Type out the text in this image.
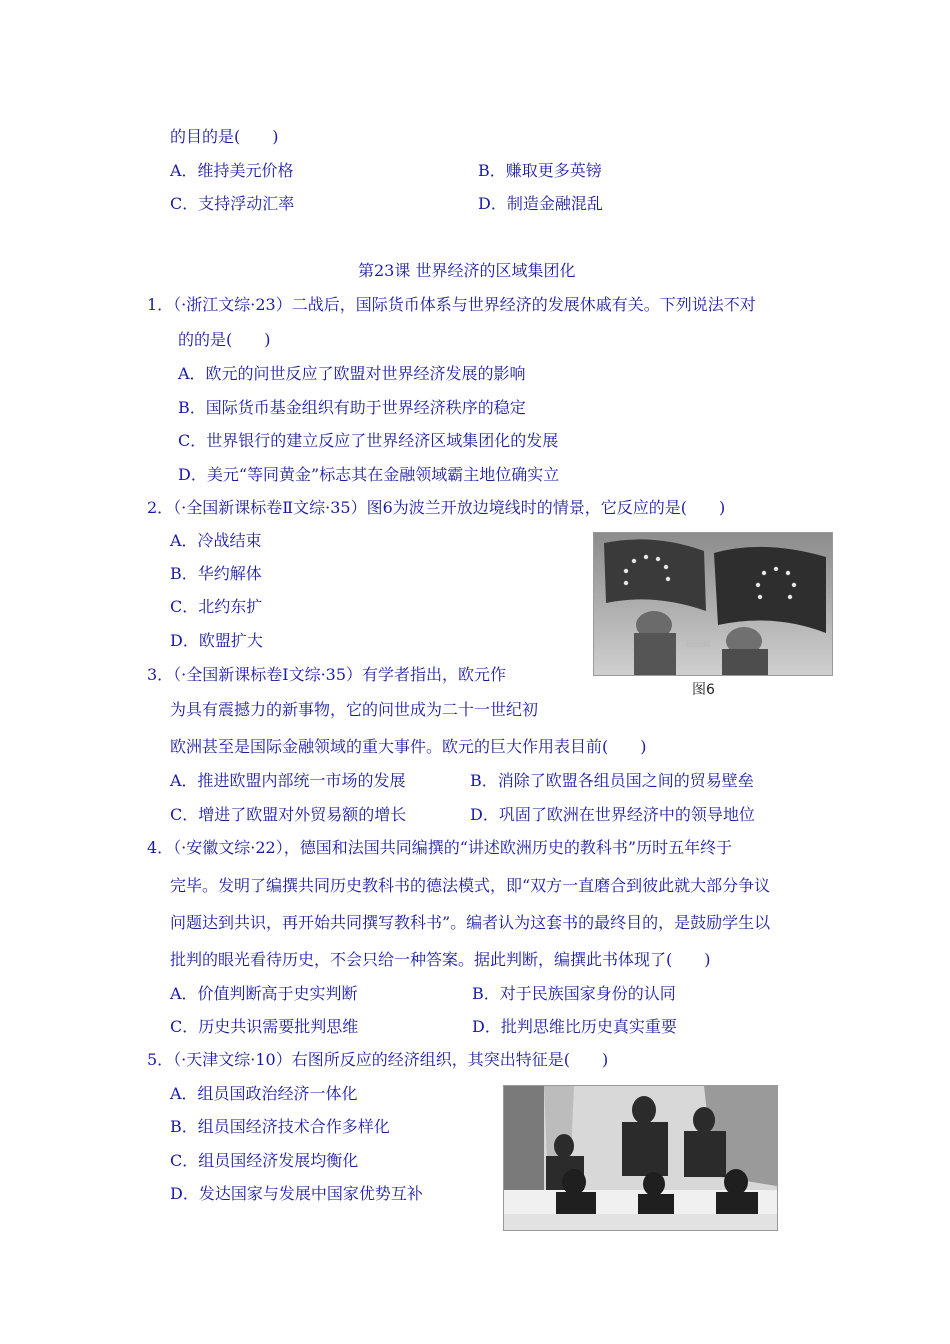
的目的是(　　)
A．维持美元价格	B．赚取更多英镑
C．支持浮动汇率	D．制造金融混乱
第23课 世界经济的区域集团化
1．（·浙江文综·23）二战后，国际货币体系与世界经济的发展休戚有关。下列说法不对
的的是(　　)
A．欧元的问世反应了欧盟对世界经济发展的影响
B．国际货币基金组织有助于世界经济秩序的稳定
C．世界银行的建立反应了世界经济区域集团化的发展
D．美元“等同黄金”标志其在金融领域霸主地位确实立
2．（·全国新课标卷Ⅱ文综·35）图6为波兰开放边境线时的情景，它反应的是(　　)
A．冷战结束
B．华约解体
C．北约东扩
D．欧盟扩大
图6
3．（·全国新课标卷Ⅰ文综·35）有学者指出，欧元作
为具有震撼力的新事物，它的问世成为二十一世纪初
欧洲甚至是国际金融领域的重大事件。欧元的巨大作用表目前(　　)
A．推进欧盟内部统一市场的发展	B．消除了欧盟各组员国之间的贸易壁垒
C．增进了欧盟对外贸易额的增长	D．巩固了欧洲在世界经济中的领导地位
4．（·安徽文综·22），德国和法国共同编撰的“讲述欧洲历史的教科书”历时五年终于
完毕。发明了编撰共同历史教科书的德法模式，即“双方一直磨合到彼此就大部分争议
问题达到共识，再开始共同撰写教科书”。编者认为这套书的最终目的，是鼓励学生以
批判的眼光看待历史，不会只给一种答案。据此判断，编撰此书体现了(　　)
A．价值判断高于史实判断	B．对于民族国家身份的认同
C．历史共识需要批判思维	D．批判思维比历史真实重要
5．（·天津文综·10）右图所反应的经济组织，其突出特征是(　　)
A．组员国政治经济一体化
B．组员国经济技术合作多样化
C．组员国经济发展均衡化
D．发达国家与发展中国家优势互补
